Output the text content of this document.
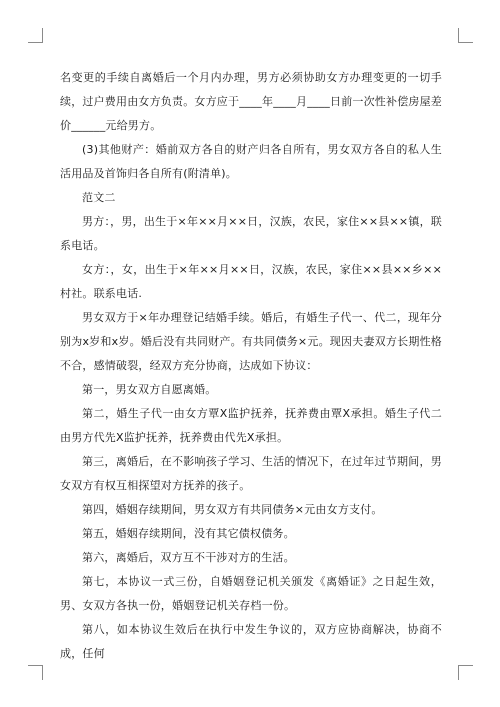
名变更的手续自离婚后一个月内办理，男方必须协助女方办理变更的一切手续，过户费用由女方负责。女方应于____年____月____日前一次性补偿房屋差价______元给男方。

(3)其他财产：婚前双方各自的财产归各自所有，男女双方各自的私人生活用品及首饰归各自所有(附清单)。

范文二

男方：，男，出生于×年××月××日，汉族，农民，家住××县××镇，联系电话。

女方：，女，出生于×年××月××日，汉族，农民，家住××县××乡××村社。联系电话.

男女双方于×年办理登记结婚手续。婚后，有婚生子代一、代二，现年分别为x岁和x岁。婚后没有共同财产。有共同债务×元。现因夫妻双方长期性格不合，感情破裂，经双方充分协商，达成如下协议：

第一，男女双方自愿离婚。

第二，婚生子代一由女方覃X监护抚养，抚养费由覃X承担。婚生子代二由男方代先X监护抚养，抚养费由代先X承担。

第三，离婚后，在不影响孩子学习、生活的情况下，在过年过节期间，男女双方有权互相探望对方抚养的孩子。

第四，婚姻存续期间，男女双方有共同债务×元由女方支付。

第五，婚姻存续期间，没有其它债权债务。

第六，离婚后，双方互不干涉对方的生活。

第七，本协议一式三份，自婚姻登记机关颁发《离婚证》之日起生效，男、女双方各执一份，婚姻登记机关存档一份。

第八，如本协议生效后在执行中发生争议的，双方应协商解决，协商不成，任何
